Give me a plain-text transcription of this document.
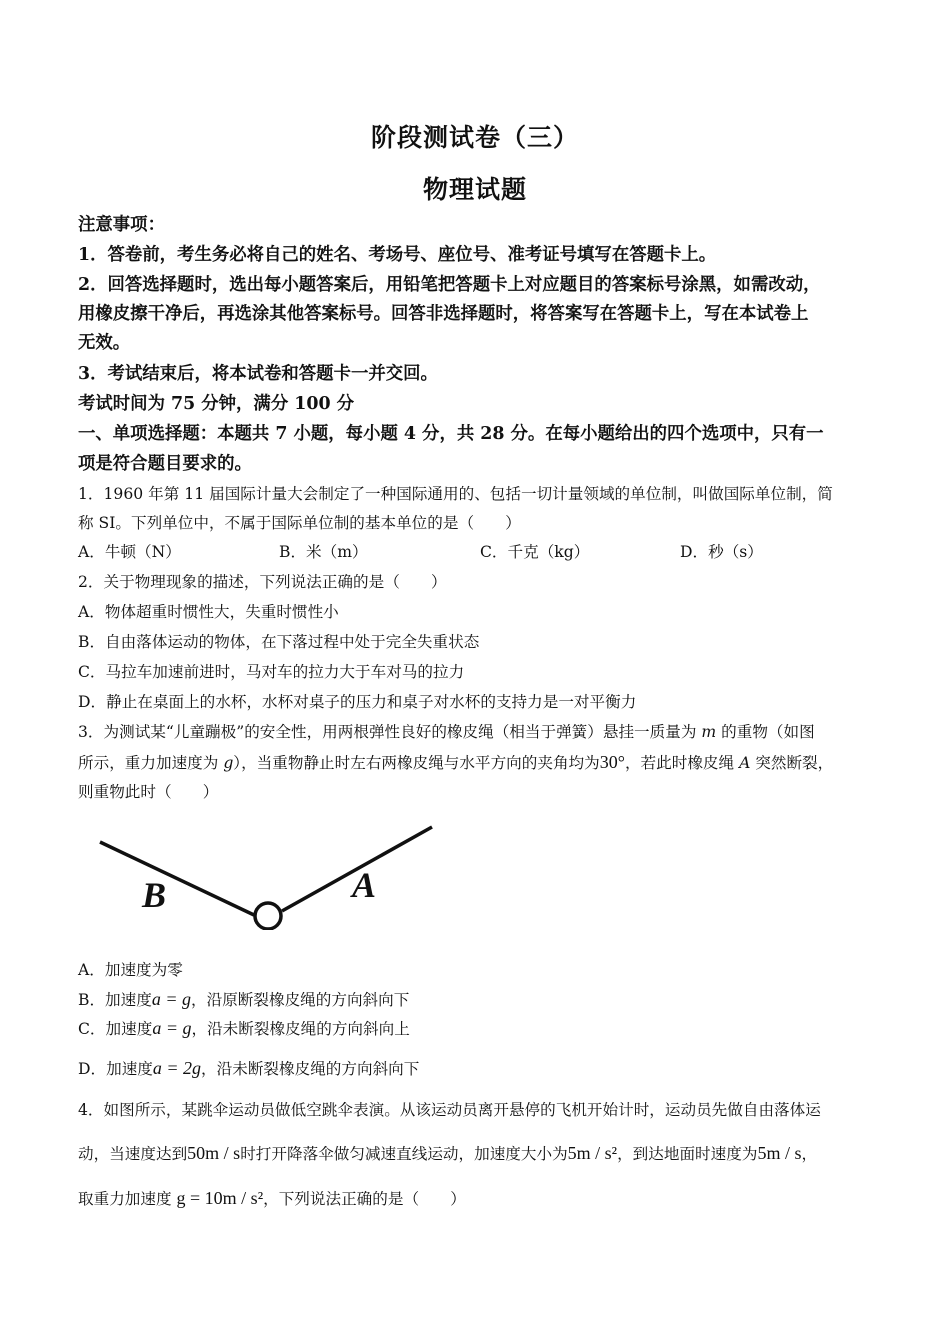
阶段测试卷（三）
物理试题
注意事项：
1．答卷前，考生务必将自己的姓名、考场号、座位号、准考证号填写在答题卡上。
2．回答选择题时，选出每小题答案后，用铅笔把答题卡上对应题目的答案标号涂黑，如需改动，
用橡皮擦干净后，再选涂其他答案标号。回答非选择题时，将答案写在答题卡上，写在本试卷上
无效。
3．考试结束后，将本试卷和答题卡一并交回。
考试时间为 75 分钟，满分 100 分
一、单项选择题：本题共 7 小题，每小题 4 分，共 28 分。在每小题给出的四个选项中，只有一
项是符合题目要求的。
1．1960 年第 11 届国际计量大会制定了一种国际通用的、包括一切计量领域的单位制，叫做国际单位制，简
称 SI。下列单位中，不属于国际单位制的基本单位的是（　　）
A．牛顿（N）	B．米（m）	C．千克（kg）	D．秒（s）
2．关于物理现象的描述，下列说法正确的是（　　）
A．物体超重时惯性大，失重时惯性小
B．自由落体运动的物体，在下落过程中处于完全失重状态
C．马拉车加速前进时，马对车的拉力大于车对马的拉力
D．静止在桌面上的水杯，水杯对桌子的压力和桌子对水杯的支持力是一对平衡力
3．为测试某“儿童蹦极”的安全性，用两根弹性良好的橡皮绳（相当于弹簧）悬挂一质量为 m 的重物（如图
所示，重力加速度为 g），当重物静止时左右两橡皮绳与水平方向的夹角均为30°，若此时橡皮绳 A 突然断裂，
则重物此时（　　）
B	A
A．加速度为零
B．加速度a = g，沿原断裂橡皮绳的方向斜向下
C．加速度a = g，沿未断裂橡皮绳的方向斜向上
D．加速度a = 2g，沿未断裂橡皮绳的方向斜向下
4．如图所示，某跳伞运动员做低空跳伞表演。从该运动员离开悬停的飞机开始计时，运动员先做自由落体运
动，当速度达到50m / s时打开降落伞做匀减速直线运动，加速度大小为5m / s²，到达地面时速度为5m / s，
取重力加速度 g = 10m / s²，下列说法正确的是（　　）
